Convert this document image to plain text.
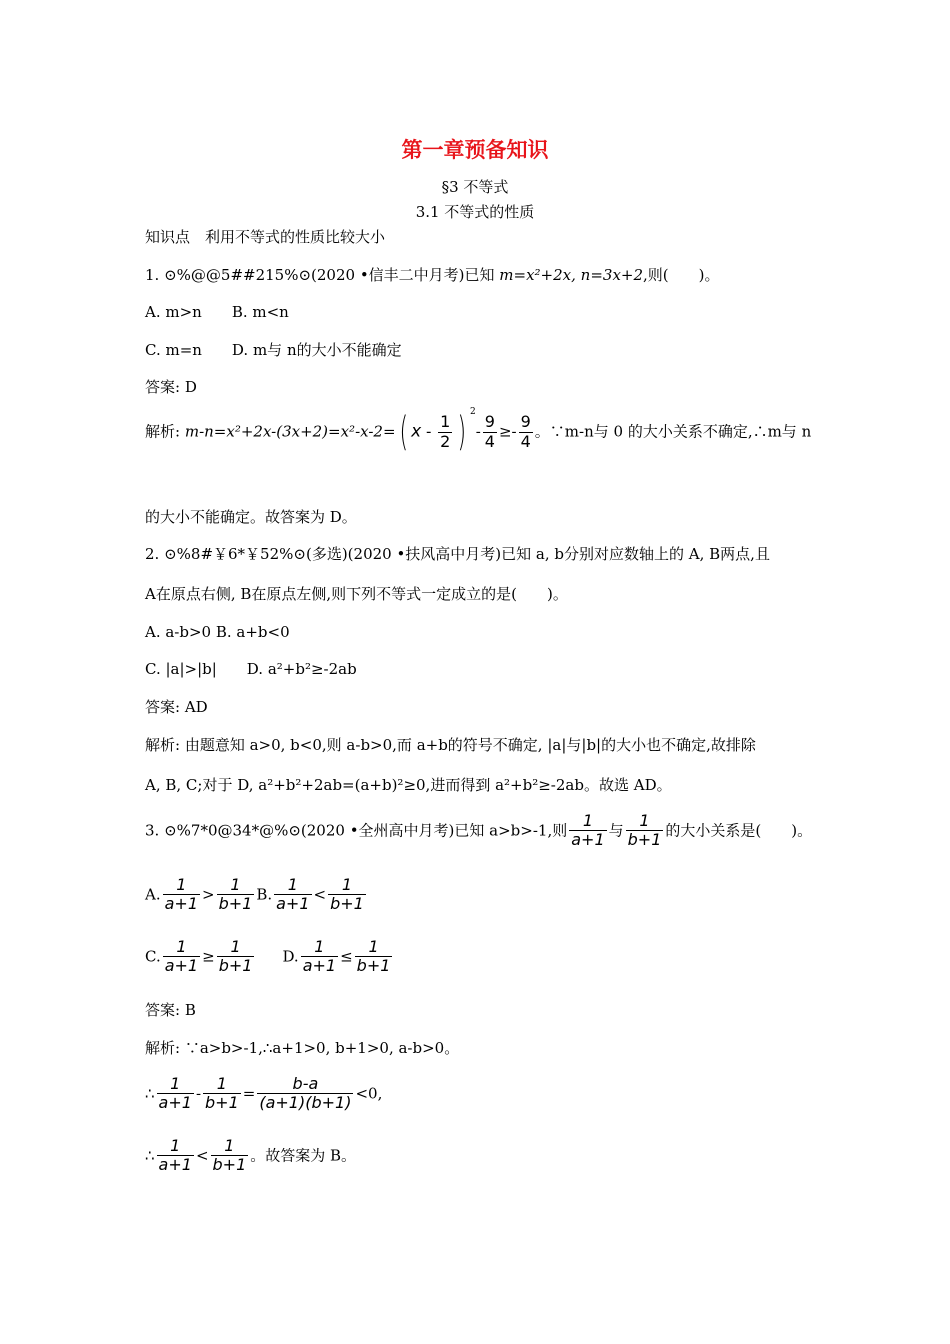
第一章预备知识
§3 不等式
3.1 不等式的性质
知识点　利用不等式的性质比较大小
1. ⊙%@@5##215%⊙(2020 •信丰二中月考)已知 m=x²+2x, n=3x+2,则(　　)。
A. m>n　　B. m<n
C. m=n　　D. m与 n的大小不能确定
答案: D
解析: m-n=x²+2x-(3x+2)=x²-x-2=( x - $\frac{1}{2}$ ) $^2- \frac{9}{4} \ge- \frac{9}{4}$ 。∵m-n与 0 的大小关系不确定,∴m与 n
的大小不能确定。故答案为 D。
2. ⊙%8#￥6*￥52%⊙(多选)(2020 •扶风高中月考)已知 a, b分别对应数轴上的 A, B两点,且
A在原点右侧, B在原点左侧,则下列不等式一定成立的是(　　)。
A. a-b>0 B. a+b<0
C. |a|>|b|　　D. a²+b²≥-2ab
答案: AD
解析: 由题意知 a>0, b<0,则 a-b>0,而 a+b的符号不确定, |a|与|b|的大小也不确定,故排除
A, B, C;对于 D, a²+b²+2ab=(a+b)²≥0,进而得到 a²+b²≥-2ab。故选 AD。
3. ⊙%7*0@34*@%⊙(2020 •全州高中月考)已知 a>b>-1,则 $\frac{1}{a+1}$ 与 $\frac{1}{b+1}$ 的大小关系是(　　)。
A. $\frac{1}{a+1} > \frac{1}{b+1} B$. $\frac{1}{a+1} < \frac{1}{b+1}$
C. $\frac{1}{a+1} \ge \frac{1}{b+1} D$. $\frac{1}{a+1} \le \frac{1}{b+1}$
答案: B
解析: ∵a>b>-1,∴a+1>0, b+1>0, a-b>0。
∴ $\frac{1}{a+1} - \frac{1}{b+1} = \frac{b-a}{(a+1)(b+1)} <0$,
∴ $\frac{1}{a+1} < \frac{1}{b+1}$ 。故答案为 B。
